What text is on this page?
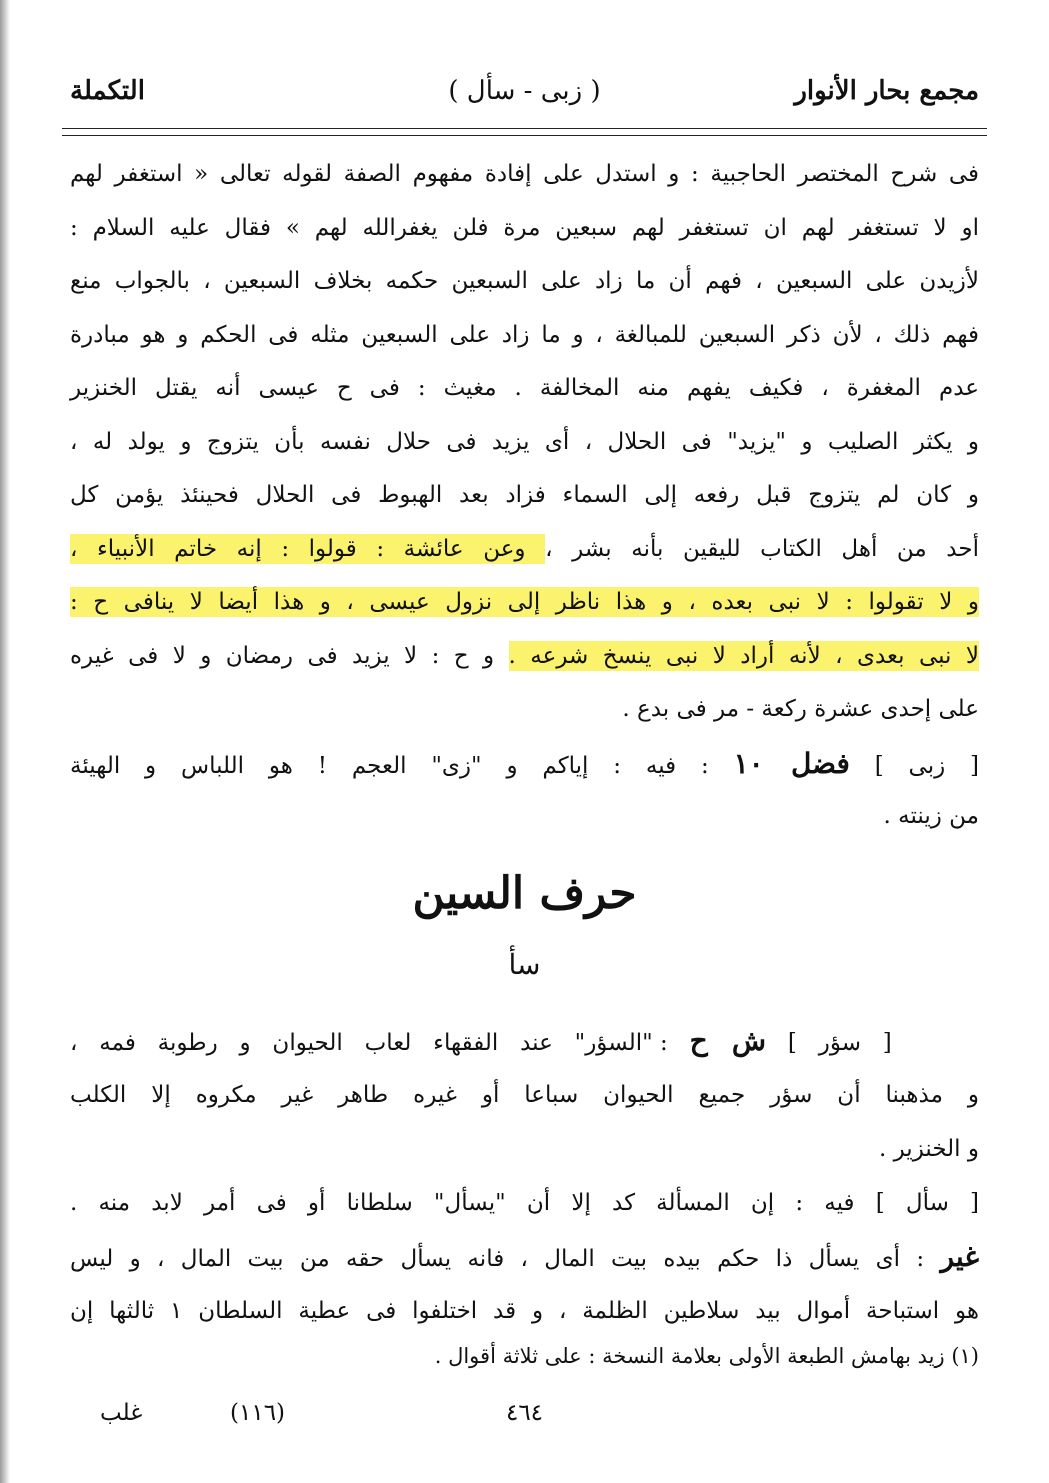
مجمع بحار الأنوار
( زبى - سأل )
التكملة
فى شرح المختصر الحاجبية : و استدل على إفادة مفهوم الصفة لقوله تعالى « استغفر لهم
او لا تستغفر لهم ان تستغفر لهم سبعين مرة فلن يغفرالله لهم » فقال عليه السلام :
لأزيدن على السبعين ، فهم أن ما زاد على السبعين حكمه بخلاف السبعين ، بالجواب منع
فهم ذلك ، لأن ذكر السبعين للمبالغة ، و ما زاد على السبعين مثله فى الحكم و هو مبادرة
عدم المغفرة ، فكيف يفهم منه المخالفة . مغيث : فى ح عيسى أنه يقتل الخنزير
و يكثر الصليب و "يزيد" فى الحلال ، أى يزيد فى حلال نفسه بأن يتزوج و يولد له ،
و كان لم يتزوج قبل رفعه إلى السماء فزاد بعد الهبوط فى الحلال فحينئذ يؤمن كل
أحد من أهل الكتاب لليقين بأنه بشر ، وعن عائشة : قولوا : إنه خاتم الأنبياء ،
و لا تقولوا : لا نبى بعده ، و هذا ناظر إلى نزول عيسى ، و هذا أيضا لا ينافى ح :
لا نبى بعدى ، لأنه أراد لا نبى ينسخ شرعه . و ح : لا يزيد فى رمضان و لا فى غيره
على إحدى عشرة ركعة - مر فى بدع .
[ زبى ] فضل ١٠ : فيه : إياكم و "زى" العجم ! هو اللباس و الهيئة
من زينته .
حرف السين
سأ
[ سؤر ] ش ح : "السؤر" عند الفقهاء لعاب الحيوان و رطوبة فمه ،
و مذهبنا أن سؤر جميع الحيوان سباعا أو غيره طاهر غير مكروه إلا الكلب
و الخنزير .
[ سأل ] فيه : إن المسألة كد إلا أن "يسأل" سلطانا أو فى أمر لابد منه .
غير : أى يسأل ذا حكم بيده بيت المال ، فانه يسأل حقه من بيت المال ، و ليس
هو استباحة أموال بيد سلاطين الظلمة ، و قد اختلفوا فى عطية السلطان ١ ثالثها إن
(١) زيد بهامش الطبعة الأولى بعلامة النسخة : على ثلاثة أقوال .
٤٦٤
(١١٦)
غلب
